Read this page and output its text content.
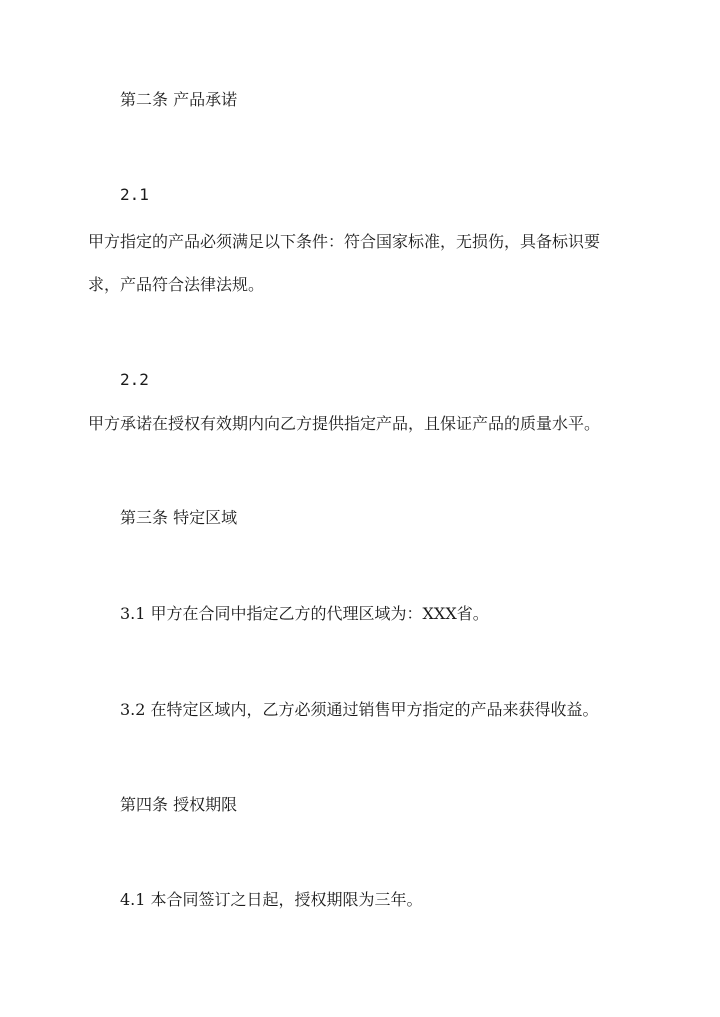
第二条 产品承诺
2.1
甲方指定的产品必须满足以下条件：符合国家标准，无损伤，具备标识要
求，产品符合法律法规。
2.2
甲方承诺在授权有效期内向乙方提供指定产品，且保证产品的质量水平。
第三条 特定区域
3.1 甲方在合同中指定乙方的代理区域为：XXX省。
3.2 在特定区域内，乙方必须通过销售甲方指定的产品来获得收益。
第四条 授权期限
4.1 本合同签订之日起，授权期限为三年。
